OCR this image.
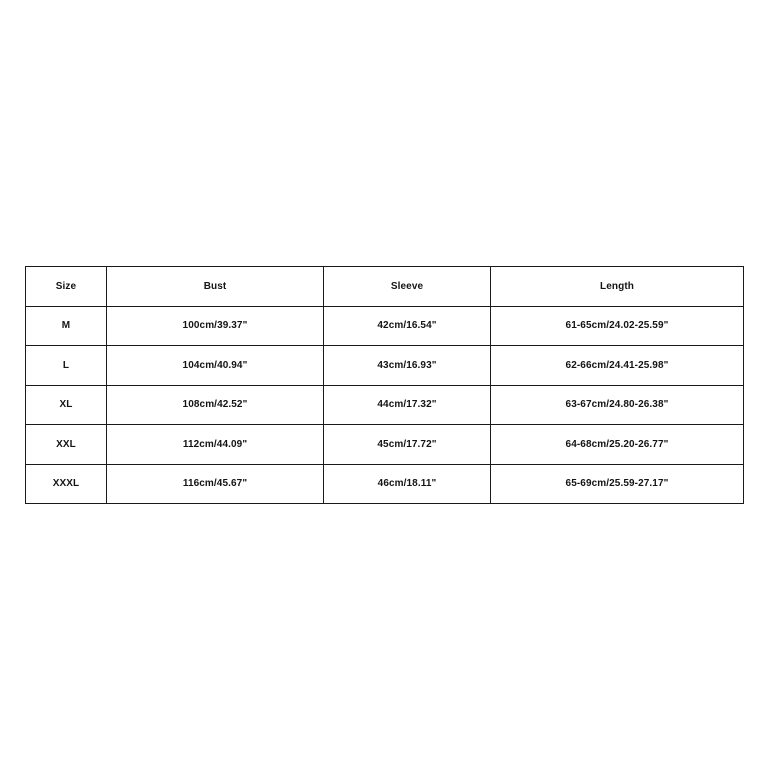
Size	Bust	Sleeve	Length
M	100cm/39.37"	42cm/16.54"	61-65cm/24.02-25.59"
L	104cm/40.94"	43cm/16.93"	62-66cm/24.41-25.98"
XL	108cm/42.52"	44cm/17.32"	63-67cm/24.80-26.38"
XXL	112cm/44.09"	45cm/17.72"	64-68cm/25.20-26.77"
XXXL	116cm/45.67"	46cm/18.11"	65-69cm/25.59-27.17"
